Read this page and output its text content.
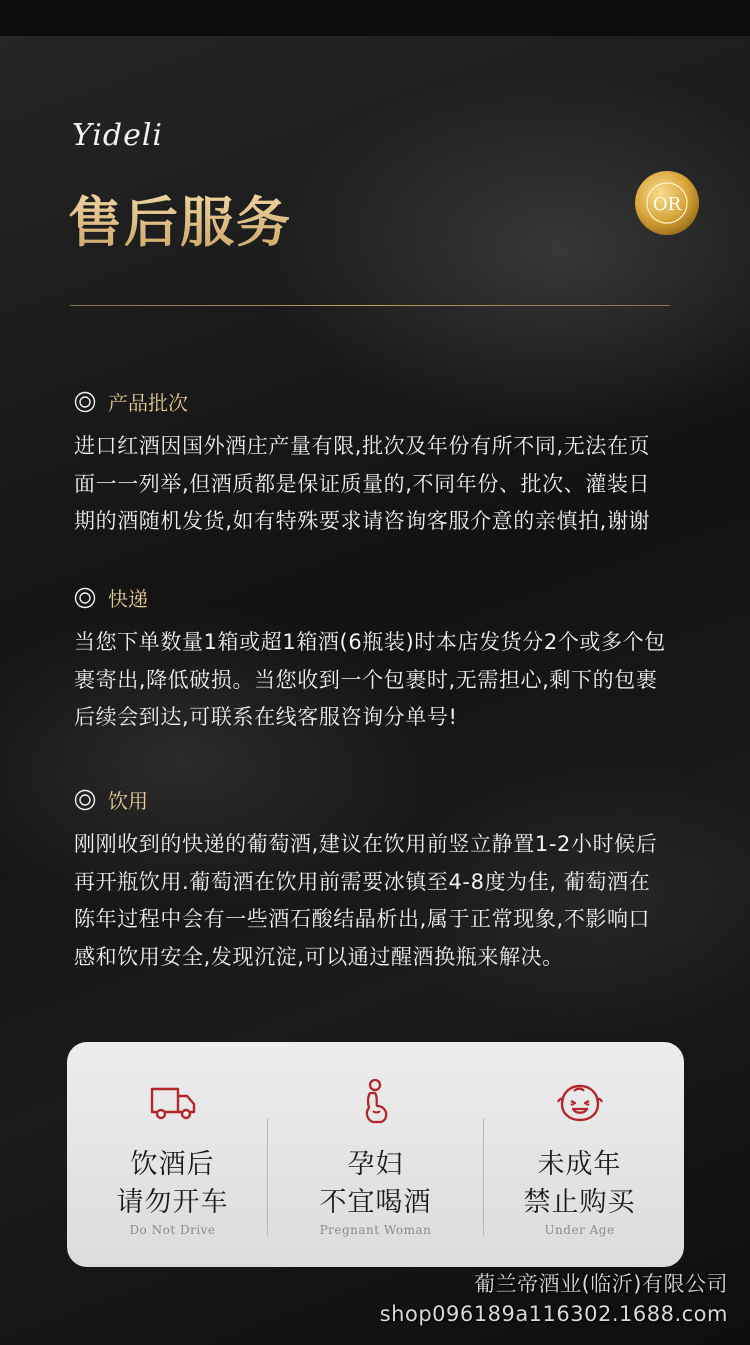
Yideli
售后服务	OR
产品批次

进口红酒因国外酒庄产量有限,批次及年份有所不同,无法在页
面一一列举,但酒质都是保证质量的,不同年份、批次、灌装日
期的酒随机发货,如有特殊要求请咨询客服介意的亲慎拍,谢谢

快递

当您下单数量1箱或超1箱酒(6瓶装)时本店发货分2个或多个包
裹寄出,降低破损。当您收到一个包裹时,无需担心,剩下的包裹
后续会到达,可联系在线客服咨询分单号!

饮用

刚刚收到的快递的葡萄酒,建议在饮用前竖立静置1-2小时候后
再开瓶饮用.葡萄酒在饮用前需要冰镇至4-8度为佳, 葡萄酒在
陈年过程中会有一些酒石酸结晶析出,属于正常现象,不影响口
感和饮用安全,发现沉淀,可以通过醒酒换瓶来解决。

饮酒后
请勿开车
Do Not Drive
孕妇
不宜喝酒
Pregnant Woman
未成年
禁止购买
Under Age
葡兰帝酒业(临沂)有限公司
shop096189a116302.1688.com
